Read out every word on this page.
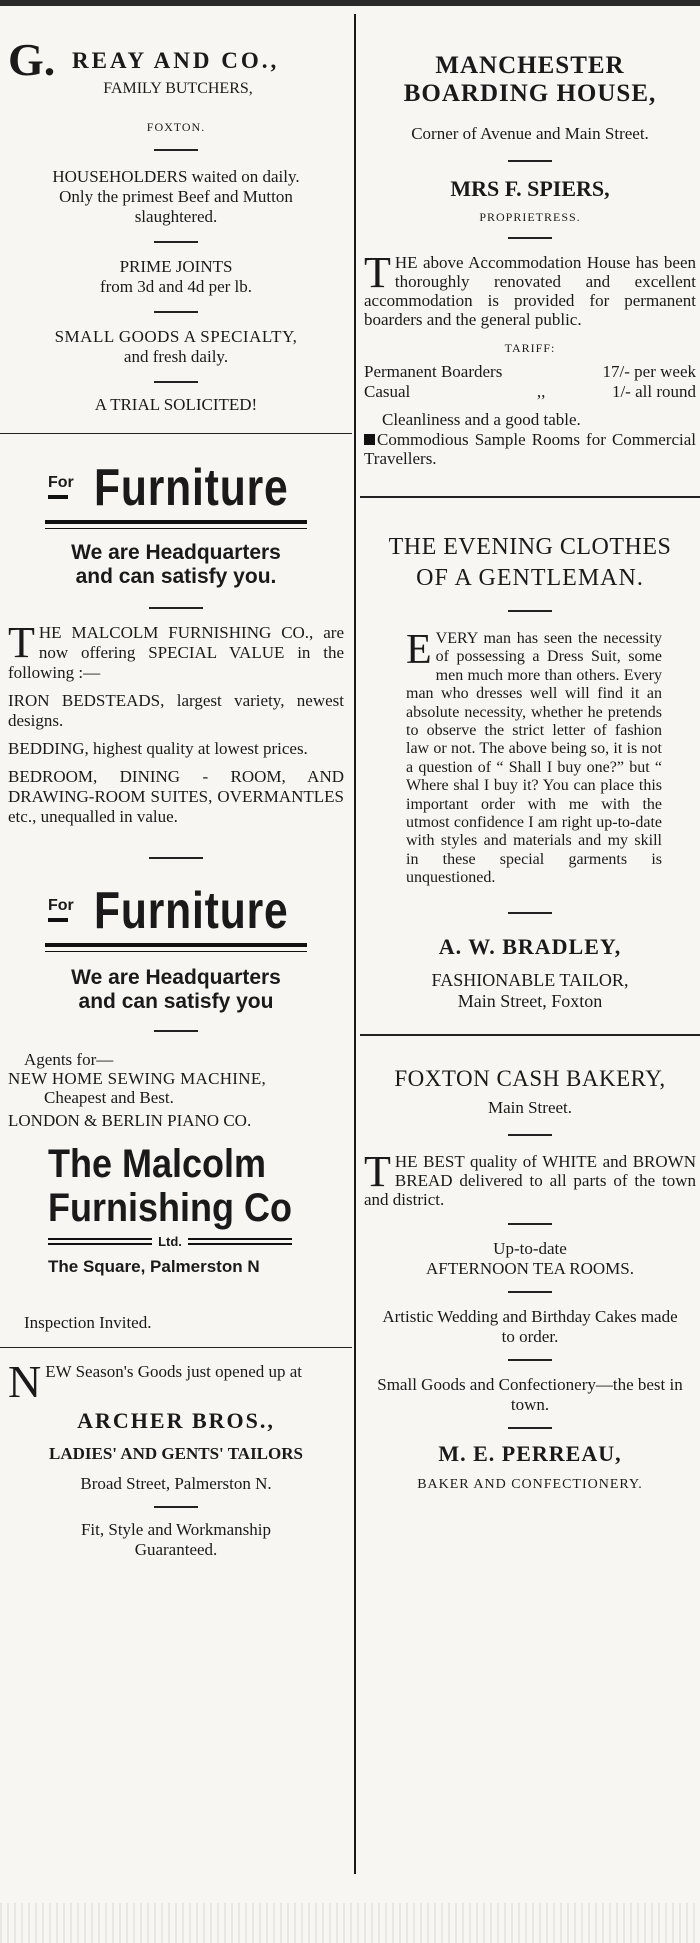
G. REAY AND CO.,
FAMILY BUTCHERS,
FOXTON.

HOUSEHOLDERS waited on daily.

Only the primest Beef and Mutton slaughtered.

PRIME JOINTS

from 3d and 4d per lb.

SMALL GOODS A SPECIALTY,

and fresh daily.

A TRIAL SOLICITED!

For Furniture
We are Headquarters
and can satisfy you.

THE MALCOLM FURNISHING CO., are now offering SPECIAL VALUE in the following :—

IRON BEDSTEADS, largest variety, newest designs.

BEDDING, highest quality at lowest prices.

BEDROOM, DINING - ROOM, AND DRAWING-ROOM SUITES, OVERMANTLES etc., unequalled in value.

For Furniture
We are Headquarters
and can satisfy you

Agents for—

NEW HOME SEWING MACHINE,

Cheapest and Best.

LONDON & BERLIN PIANO CO.

The Malcolm
Furnishing Co
Ltd.
The Square, Palmerston N

Inspection Invited.

NEW Season's Goods just opened up at

ARCHER BROS.,
LADIES' AND GENTS' TAILORS
Broad Street, Palmerston N.
Fit, Style and Workmanship
Guaranteed.
MANCHESTER
BOARDING HOUSE,
Corner of Avenue and Main Street.
MRS F. SPIERS,
PROPRIETRESS.

THE above Accommodation House has been thoroughly renovated and excellent accommodation is provided for permanent boarders and the general public.

TARIFF:
Permanent Boarders	17/- per week
Casual	,,	1/- all round
Cleanliness and a good table.
Commodious Sample Rooms for Commercial Travellers.
THE EVENING CLOTHES
OF A GENTLEMAN.

EVERY man has seen the necessity of possessing a Dress Suit, some men much more than others. Every man who dresses well will find it an absolute necessity, whether he pretends to observe the strict letter of fashion law or not. The above being so, it is not a question of “ Shall I buy one?” but “ Where shal I buy it? You can place this important order with me with the utmost confidence I am right up-to-date with styles and materials and my skill in these special garments is unquestioned.

A. W. BRADLEY,
FASHIONABLE TAILOR,
Main Street, Foxton
FOXTON CASH BAKERY,
Main Street.

THE BEST quality of WHITE and BROWN BREAD delivered to all parts of the town and district.

Up-to-date
AFTERNOON TEA ROOMS.
Artistic Wedding and Birthday Cakes made to order.
Small Goods and Confectionery—the best in town.
M. E. PERREAU,
BAKER AND CONFECTIONERY.
